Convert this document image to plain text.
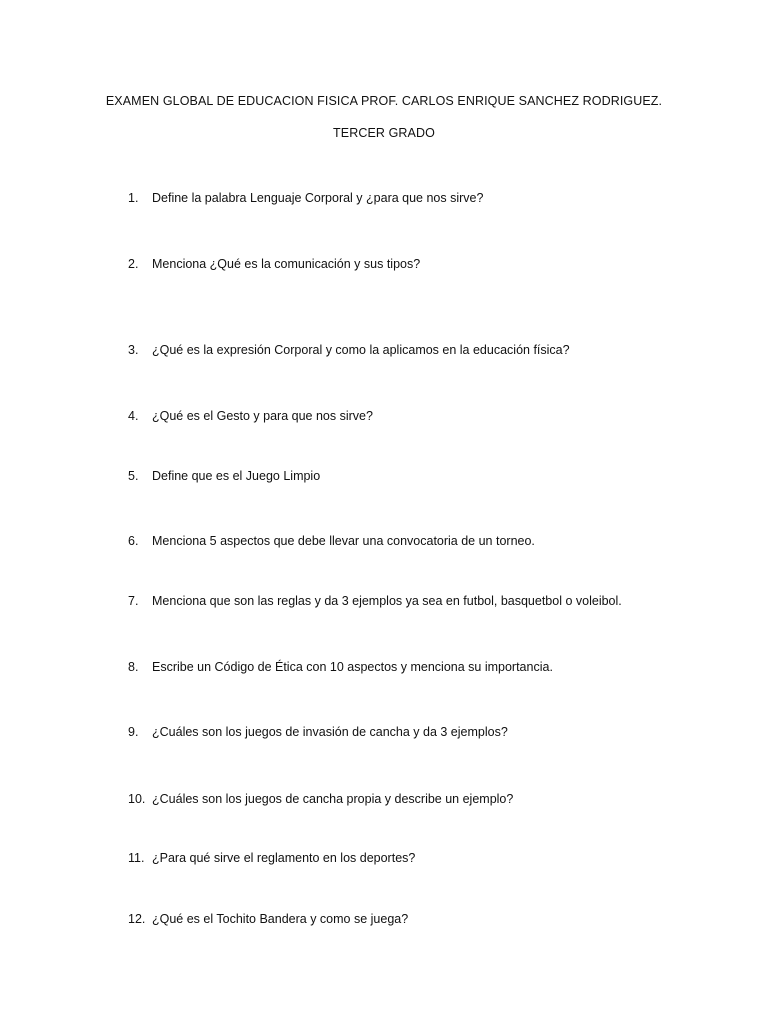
EXAMEN GLOBAL DE EDUCACION FISICA PROF. CARLOS ENRIQUE SANCHEZ RODRIGUEZ.
TERCER GRADO
1.	Define la palabra Lenguaje Corporal y ¿para que nos sirve?
2.	Menciona ¿Qué es la comunicación y sus tipos?
3.	¿Qué es la expresión Corporal y como la aplicamos en la educación física?
4.	¿Qué es el Gesto y para que nos sirve?
5.	Define que es el Juego Limpio
6.	Menciona 5 aspectos que debe llevar una convocatoria de un torneo.
7.	Menciona que son las reglas y da 3 ejemplos ya sea en futbol, basquetbol o voleibol.
8.	Escribe un Código de Ética con 10 aspectos y menciona su importancia.
9.	¿Cuáles son los juegos de invasión de cancha y da 3 ejemplos?
10. ¿Cuáles son los juegos de cancha propia y describe un ejemplo?
11. ¿Para qué sirve el reglamento en los deportes?
12. ¿Qué es el Tochito Bandera y como se juega?
